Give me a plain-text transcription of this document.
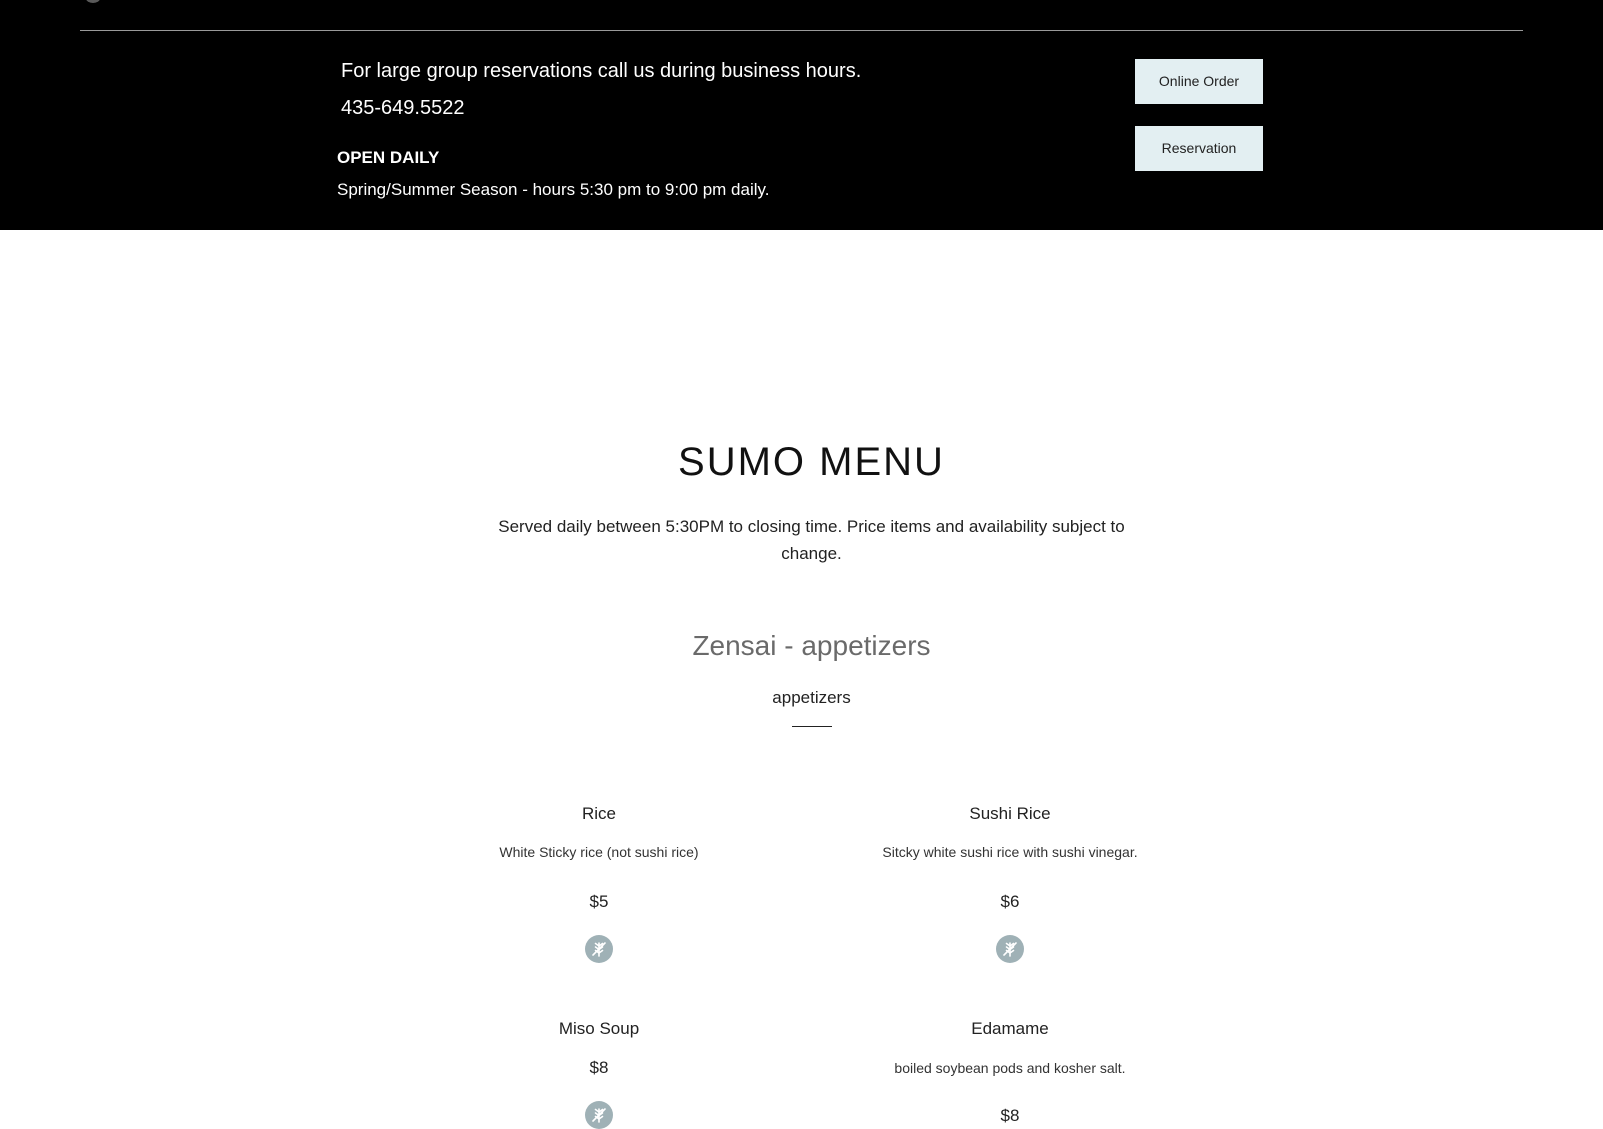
For large group reservations call us during business hours.
435-649.5522
OPEN DAILY
Spring/Summer Season - hours 5:30 pm to 9:00 pm daily.
Online Order
Reservation
SUMO MENU

Served daily between 5:30PM to closing time. Price items and availability subject to change.

Zensai - appetizers
appetizers
Rice
White Sticky rice (not sushi rice)
$5
Sushi Rice
Sitcky white sushi rice with sushi vinegar.
$6
Miso Soup
$8
Edamame
boiled soybean pods and kosher salt.
$8
